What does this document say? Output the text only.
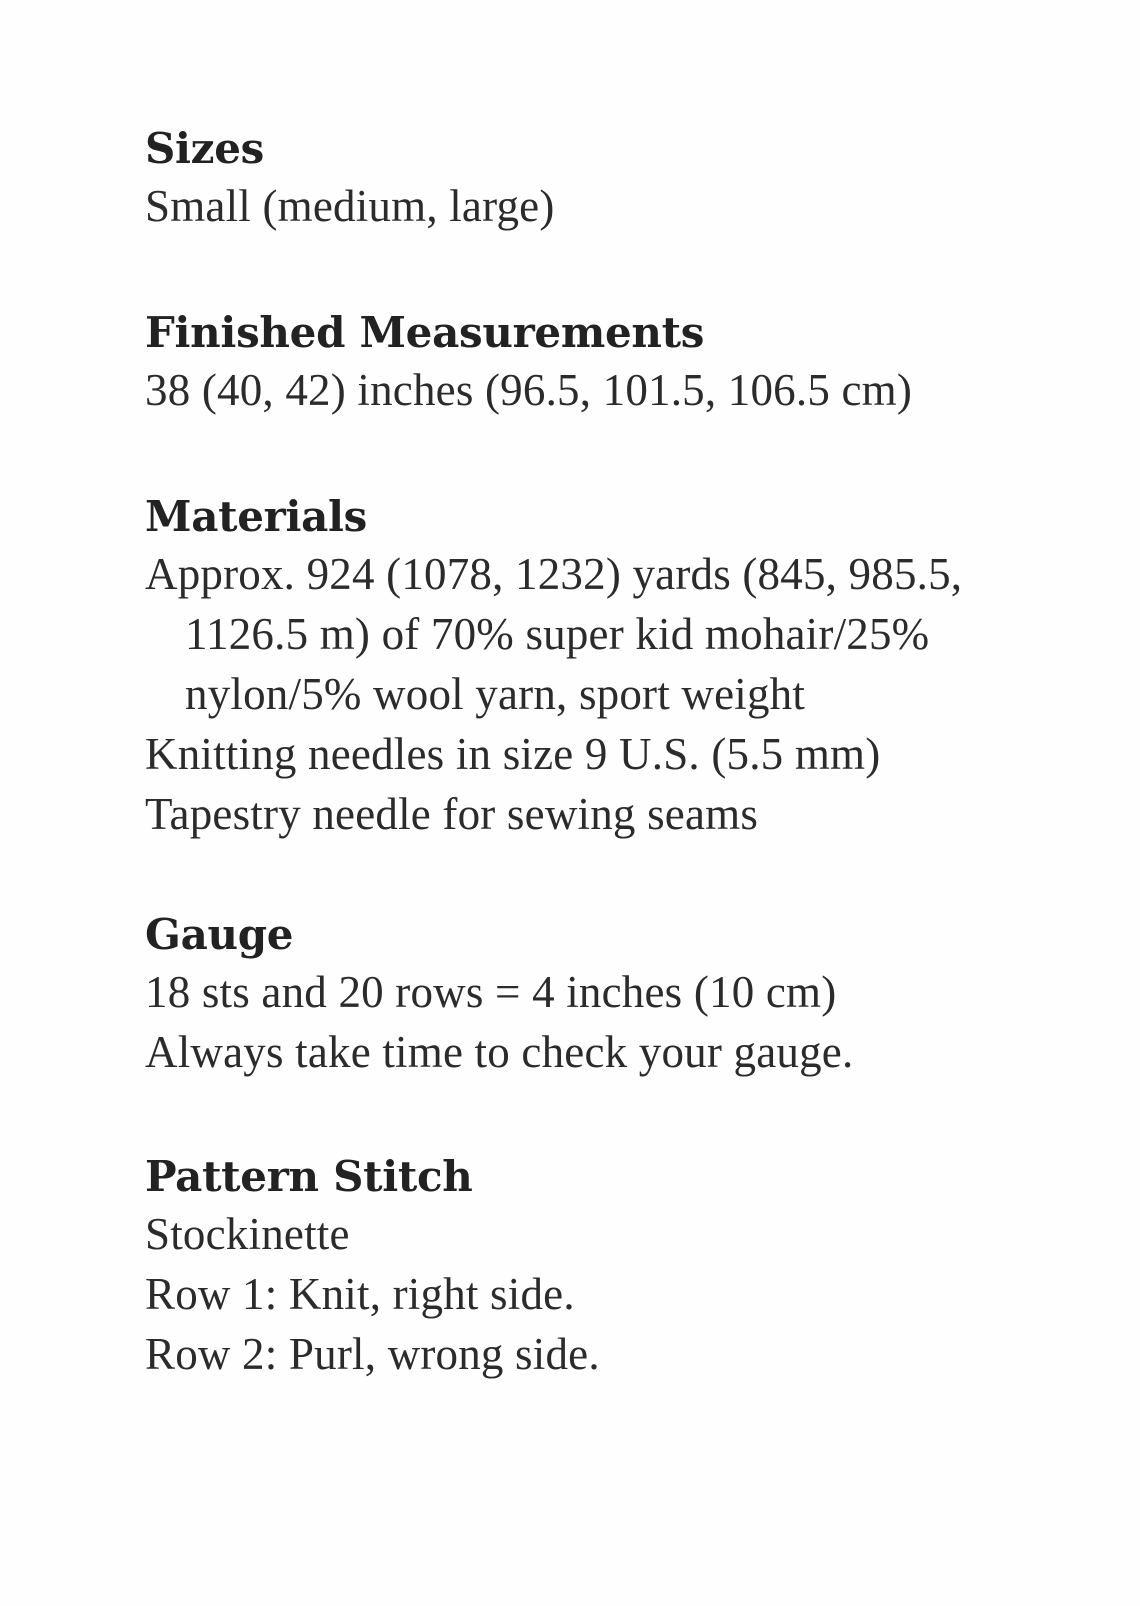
Sizes

Small (medium, large)

Finished Measurements

38 (40, 42) inches (96.5, 101.5, 106.5 cm)

Materials

Approx. 924 (1078, 1232) yards (845, 985.5,

1126.5 m) of 70% super kid mohair/25%

nylon/5% wool yarn, sport weight

Knitting needles in size 9 U.S. (5.5 mm)

Tapestry needle for sewing seams

Gauge

18 sts and 20 rows = 4 inches (10 cm)

Always take time to check your gauge.

Pattern Stitch

Stockinette

Row 1: Knit, right side.

Row 2: Purl, wrong side.
